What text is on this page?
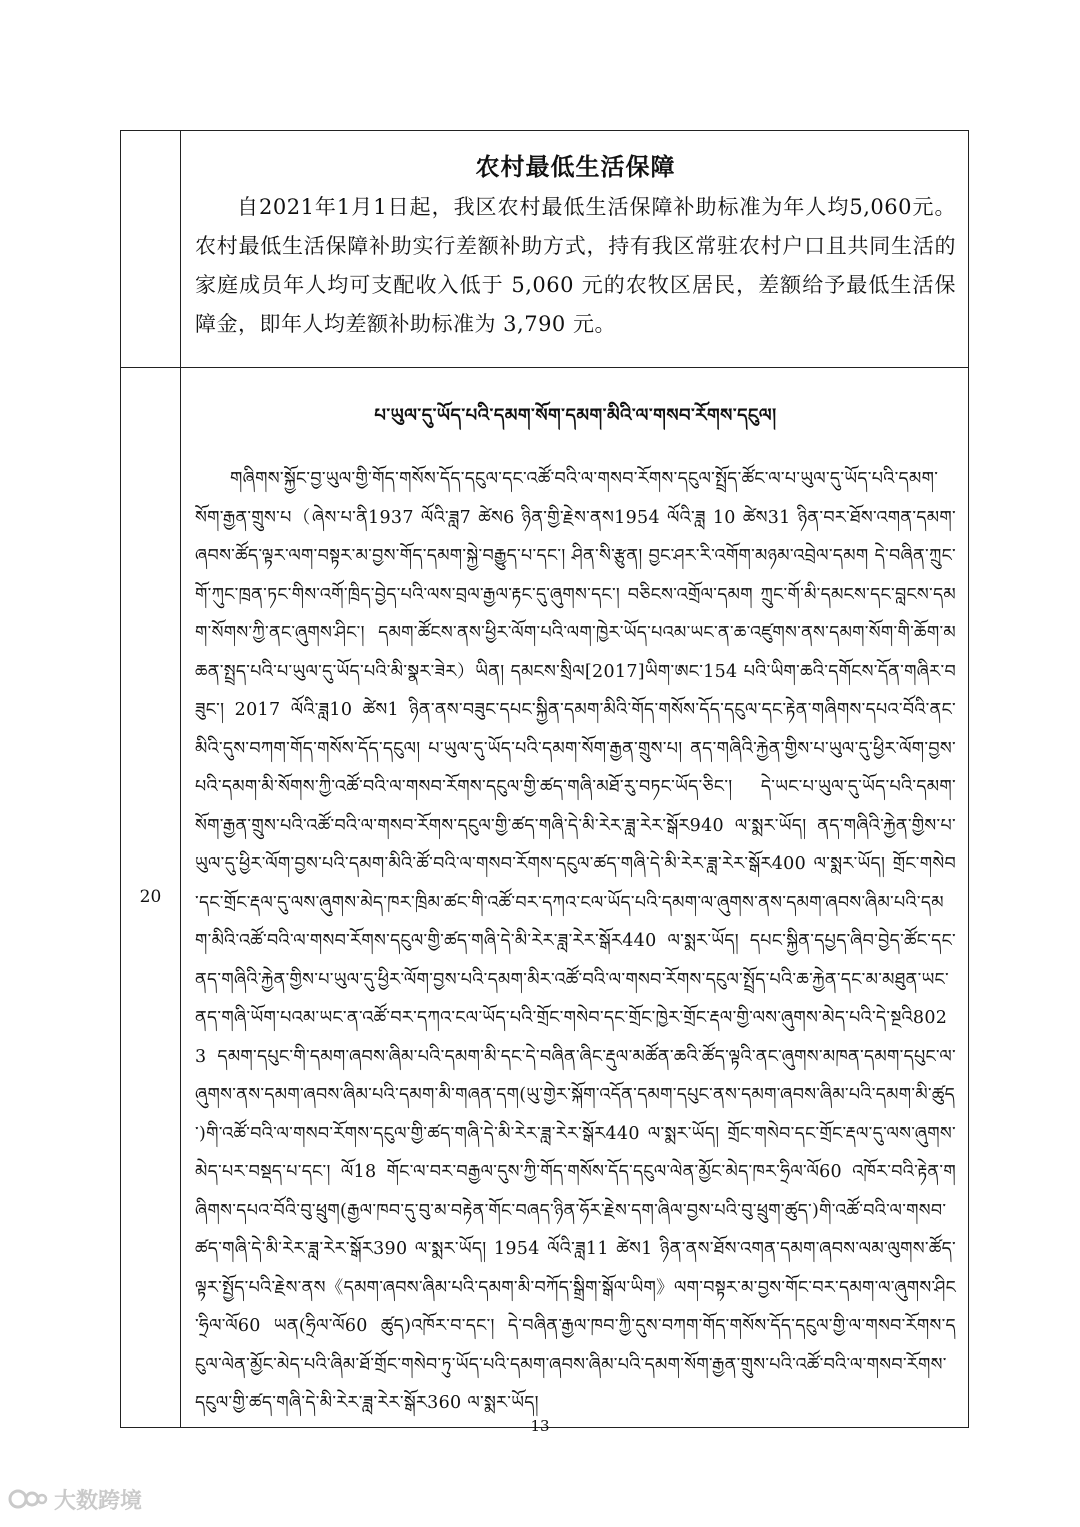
	农村最低生活保障

自2021年1月1日起，我区农村最低生活保障补助标准为年人均5,060元。农村最低生活保障补助实行差额补助方式，持有我区常驻农村户口且共同生活的家庭成员年人均可支配收入低于 5,060 元的农牧区居民，差额给予最低生活保障金，即年人均差额补助标准为 3,790 元。

20	པ་ཡུལ་དུ་ཡོད་པའི་དམག་སོག་དམག་མིའི་ལ་གསབ་རོགས་དངུལ།

གཞིགས་སྐྱོང་བྱ་ཡུལ་གྱི་གོད་གསོས་དོད་དངུལ་དང་འཚོ་བའི་ལ་གསབ་རོགས་དངུལ་སྤྲོད་ཚོང་ལ་པ་ཡུལ་དུ་ཡོད་པའི་དམག་སོག་རྒྱན་གྲུས་པ（ཞེས་པ་ནི1937 ལོའི་ཟླ7 ཚེས6 ཉིན་གྱི་རྗེས་ནས1954 ལོའི་ཟླ 10 ཚེས31 ཉིན་བར་ཐོས་འགན་དམག་ཞབས་ཚོད་ལྟར་ལག་བསྟར་མ་བྱས་གོད་དམག་སྐྱེ་བརྒྱུད་པ་དང་། ཤིན་སི་རྩུན། བྱང་ཤར་རི་འགོག་མཉམ་འབྲེལ་དམག དེ་བཞིན་ཀྲུང་གོ་ཀུང་ཁྲན་ཏང་གིས་འགོ་ཁྲིད་བྱེད་པའི་ལས་བྲལ་རྒྱལ་རྟང་དུ་ཞུགས་དང་། བཅིངས་འགྲོལ་དམག ཀྲུང་གོ་མི་དམངས་དང་བླངས་དམག་སོགས་ཀྱི་ནང་ཞུགས་ཤིང་། དམག་ཚོངས་ནས་ཕྱིར་ལོག་པའི་ལག་ཁྱེར་ཡོད་པའམ་ཡང་ན་ཆ་འཛུགས་ནས་དམག་སོག་གི་ཆོག་མཆན་སྤྲད་པའི་པ་ཡུལ་དུ་ཡོད་པའི་མི་སྣར་ཟེར）ཡིན། དམངས་སྲིལ[2017]ཡིག་ཨང་154 པའི་ཡིག་ཆའི་དགོངས་དོན་གཞིར་བཟུང་། 2017 ལོའི་ཟླ10 ཚེས1 ཉིན་ནས་བཟུང་དཔང་སྐྱིན་དམག་མིའི་གོད་གསོས་དོད་དངུལ་དང་རྟེན་གཞིགས་དཔའ་བོའི་ནང་མིའི་དུས་བཀག་གོད་གསོས་དོད་དངུལ། པ་ཡུལ་དུ་ཡོད་པའི་དམག་སོག་རྒྱན་གྲུས་པ། ནད་གཞིའི་རྐྱེན་གྱིས་པ་ཡུལ་དུ་ཕྱིར་ལོག་བྱས་པའི་དམག་མི་སོགས་ཀྱི་འཚོ་བའི་ལ་གསབ་རོགས་དངུལ་གྱི་ཚད་གཞི་མཐོ་རུ་བཏང་ཡོད་ཅིང་། དེ་ཡང་པ་ཡུལ་དུ་ཡོད་པའི་དམག་སོག་རྒྱན་གྲུས་པའི་འཚོ་བའི་ལ་གསབ་རོགས་དངུལ་གྱི་ཚད་གཞི་དེ་མི་རེར་ཟླ་རེར་སྒོར940 ལ་སྨར་ཡོད། ནད་གཞིའི་རྐྱེན་གྱིས་པ་ཡུལ་དུ་ཕྱིར་ལོག་བྱས་པའི་དམག་མིའི་ཚོ་བའི་ལ་གསབ་རོགས་དངུལ་ཚད་གཞི་དེ་མི་རེར་ཟླ་རེར་སྒོར400 ལ་སྨར་ཡོད། གྲོང་གསེབ་དང་གྲོང་རྡལ་དུ་ལས་ཞུགས་མེད་ཁར་ཁྲིམ་ཚང་གི་འཚོ་བར་དཀའ་ངལ་ཡོད་པའི་དམག་ལ་ཞུགས་ནས་དམག་ཞབས་ཞིམ་པའི་དམག་མིའི་འཚོ་བའི་ལ་གསབ་རོགས་དངུལ་གྱི་ཚད་གཞི་དེ་མི་རེར་ཟླ་རེར་སྒོར440 ལ་སྨར་ཡོད། དཔང་སྐྱིན་དཔྱད་ཞིབ་བྱེད་ཚོང་དང་ནད་གཞིའི་རྐྱེན་གྱིས་པ་ཡུལ་དུ་ཕྱིར་ལོག་བྱས་པའི་དམག་མིར་འཚོ་བའི་ལ་གསབ་རོགས་དངུལ་སྤྲོད་པའི་ཆ་རྐྱེན་དང་མ་མཐུན་ཡང་ནད་གཞི་ཡོག་པའམ་ཡང་ན་འཚོ་བར་དཀའ་ངལ་ཡོད་པའི་གྲོང་གསེབ་དང་གྲོང་ཁྱེར་གྲོང་རྡལ་གྱི་ལས་ཞུགས་མེད་པའི་དེ་སྔའི8023 དམག་དཔུང་གི་དམག་ཞབས་ཞིམ་པའི་དམག་མི་དང་དེ་བཞིན་ཞིང་རྡུལ་མཚོན་ཆའི་ཚོད་ལྟའི་ནང་ཞུགས་མཁན་དམག་དཔུང་ལ་ཞུགས་ནས་དམག་ཞབས་ཞིམ་པའི་དམག་མི་གཞན་དག(ཡུ་གྱེར་སྐོག་འདོན་དམག་དཔུང་ནས་དམག་ཞབས་ཞིམ་པའི་དམག་མི་ཚུད་)གི་འཚོ་བའི་ལ་གསབ་རོགས་དངུལ་གྱི་ཚད་གཞི་དེ་མི་རེར་ཟླ་རེར་སྒོར440 ལ་སྨར་ཡོད། གྲོང་གསེབ་དང་གྲོང་རྡལ་དུ་ལས་ཞུགས་མེད་པར་བསྡད་པ་དང་། ལོ18 གོང་ལ་བར་བརྒྱལ་དུས་ཀྱི་གོད་གསོས་དོད་དངུལ་ལེན་མྱོང་མེད་ཁར་ཧྲིལ་ལོ60 འཁོར་བའི་རྟེན་གཞིགས་དཔའ་བོའི་བུ་ཕྲུག(རྒྱལ་ཁབ་དུ་བུ་མ་བརྟེན་གོང་བཞད་ཉིན་ཧོར་རྗེས་དག་ཞིལ་བྱས་པའི་བུ་ཕྲུག་ཚུད་)གི་འཚོ་བའི་ལ་གསབ་ཚད་གཞི་དེ་མི་རེར་ཟླ་རེར་སྒོར390 ལ་སྨར་ཡོད། 1954 ལོའི་ཟླ11 ཚེས1 ཉིན་ནས་ཐོས་འགན་དམག་ཞབས་ལམ་ལུགས་ཚོད་ལྟར་སྤྱོད་པའི་རྗེས་ནས《དམག་ཞབས་ཞིམ་པའི་དམག་མི་བཀོད་སྒྲིག་སྒོལ་ཡིག》ལག་བསྟར་མ་བྱས་གོང་བར་དམག་ལ་ཞུགས་ཤིང་ཧྲིལ་ལོ60 ཡན(ཧྲིལ་ལོ60 ཚུད)འཁོར་བ་དང་། དེ་བཞིན་རྒྱལ་ཁབ་ཀྱི་དུས་བཀག་གོད་གསོས་དོད་དངུལ་གྱི་ལ་གསབ་རོགས་དངུལ་ལེན་མྱོང་མེད་པའི་ཞིམ་ཐོ་གྲོང་གསེབ་ཏུ་ཡོད་པའི་དམག་ཞབས་ཞིམ་པའི་དམག་སོག་རྒྱན་གྲུས་པའི་འཚོ་བའི་ལ་གསབ་རོགས་དངུལ་གྱི་ཚད་གཞི་དེ་མི་རེར་ཟླ་རེར་སྒོར360 ལ་སྨར་ཡོད།

13
大数跨境
